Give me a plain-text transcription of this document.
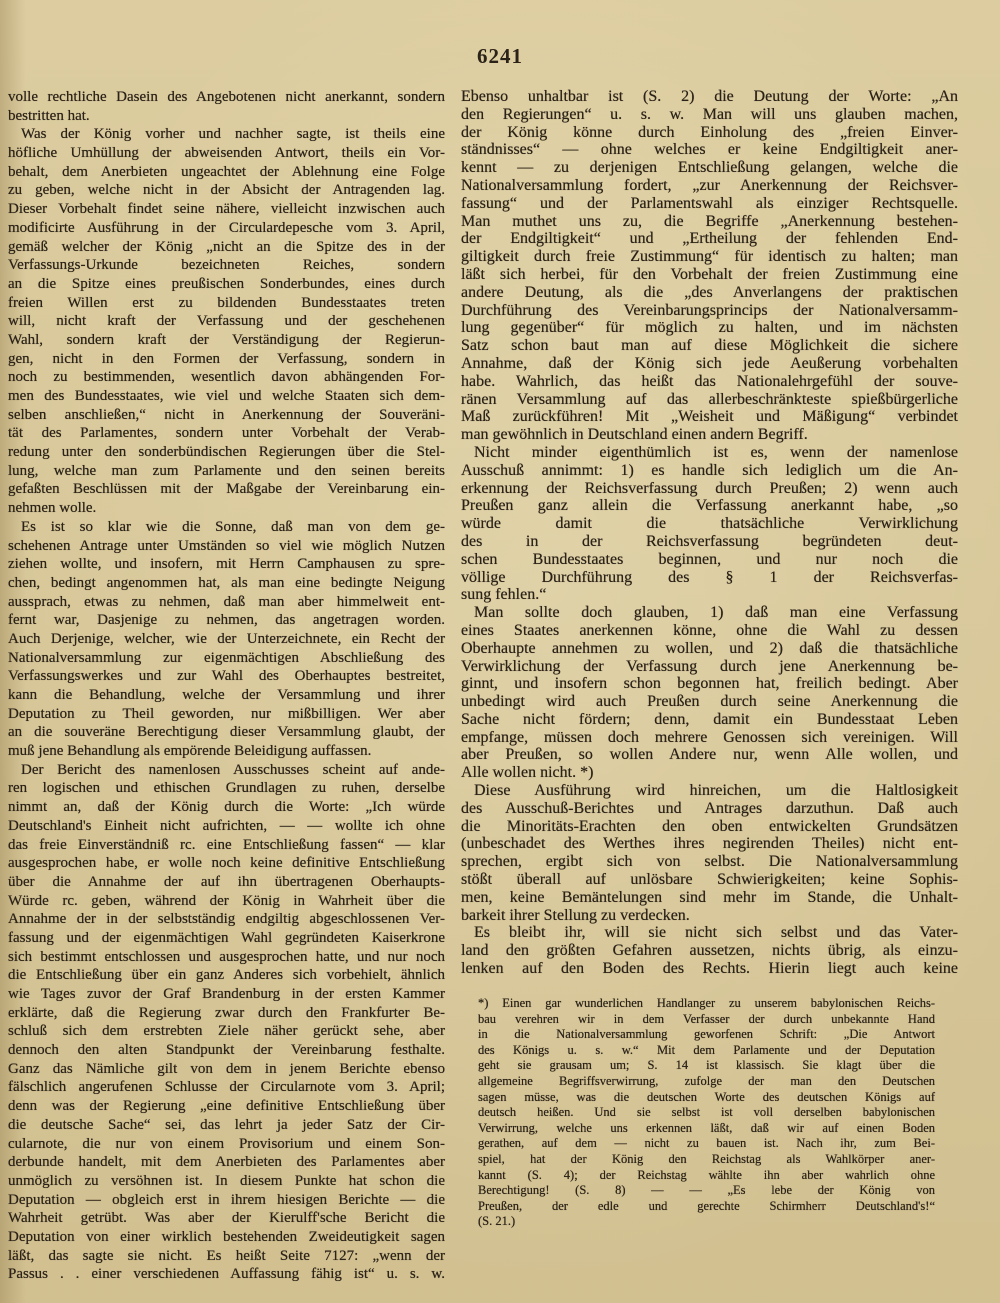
6241
volle rechtliche Dasein des Angebotenen nicht anerkannt, sondern
bestritten hat.
Was der König vorher und nachher sagte, ist theils eine
höfliche Umhüllung der abweisenden Antwort, theils ein Vor-
behalt, dem Anerbieten ungeachtet der Ablehnung eine Folge
zu geben, welche nicht in der Absicht der Antragenden lag.
Dieser Vorbehalt findet seine nähere, vielleicht inzwischen auch
modificirte Ausführung in der Circulardepesche vom 3. April,
gemäß welcher der König „nicht an die Spitze des in der
Verfassungs-Urkunde bezeichneten Reiches, sondern
an die Spitze eines preußischen Sonderbundes, eines durch
freien Willen erst zu bildenden Bundesstaates treten
will, nicht kraft der Verfassung und der geschehenen
Wahl, sondern kraft der Verständigung der Regierun-
gen, nicht in den Formen der Verfassung, sondern in
noch zu bestimmenden, wesentlich davon abhängenden For-
men des Bundesstaates, wie viel und welche Staaten sich dem-
selben anschließen,“ nicht in Anerkennung der Souveräni-
tät des Parlamentes, sondern unter Vorbehalt der Verab-
redung unter den sonderbündischen Regierungen über die Stel-
lung, welche man zum Parlamente und den seinen bereits
gefaßten Beschlüssen mit der Maßgabe der Vereinbarung ein-
nehmen wolle.
Es ist so klar wie die Sonne, daß man von dem ge-
schehenen Antrage unter Umständen so viel wie möglich Nutzen
ziehen wollte, und insofern, mit Herrn Camphausen zu spre-
chen, bedingt angenommen hat, als man eine bedingte Neigung
aussprach, etwas zu nehmen, daß man aber himmelweit ent-
fernt war, Dasjenige zu nehmen, das angetragen worden.
Auch Derjenige, welcher, wie der Unterzeichnete, ein Recht der
Nationalversammlung zur eigenmächtigen Abschließung des
Verfassungswerkes und zur Wahl des Oberhauptes bestreitet,
kann die Behandlung, welche der Versammlung und ihrer
Deputation zu Theil geworden, nur mißbilligen. Wer aber
an die souveräne Berechtigung dieser Versammlung glaubt, der
muß jene Behandlung als empörende Beleidigung auffassen.
Der Bericht des namenlosen Ausschusses scheint auf ande-
ren logischen und ethischen Grundlagen zu ruhen, derselbe
nimmt an, daß der König durch die Worte: „Ich würde
Deutschland's Einheit nicht aufrichten, — — wollte ich ohne
das freie Einverständniß rc. eine Entschließung fassen“ — klar
ausgesprochen habe, er wolle noch keine definitive Entschließung
über die Annahme der auf ihn übertragenen Oberhaupts-
Würde rc. geben, während der König in Wahrheit über die
Annahme der in der selbstständig endgiltig abgeschlossenen Ver-
fassung und der eigenmächtigen Wahl gegründeten Kaiserkrone
sich bestimmt entschlossen und ausgesprochen hatte, und nur noch
die Entschließung über ein ganz Anderes sich vorbehielt, ähnlich
wie Tages zuvor der Graf Brandenburg in der ersten Kammer
erklärte, daß die Regierung zwar durch den Frankfurter Be-
schluß sich dem erstrebten Ziele näher gerückt sehe, aber
dennoch den alten Standpunkt der Vereinbarung festhalte.
Ganz das Nämliche gilt von dem in jenem Berichte ebenso
fälschlich angerufenen Schlusse der Circularnote vom 3. April;
denn was der Regierung „eine definitive Entschließung über
die deutsche Sache“ sei, das lehrt ja jeder Satz der Cir-
cularnote, die nur von einem Provisorium und einem Son-
derbunde handelt, mit dem Anerbieten des Parlamentes aber
unmöglich zu versöhnen ist. In diesem Punkte hat schon die
Deputation — obgleich erst in ihrem hiesigen Berichte — die
Wahrheit getrübt. Was aber der Kierulff'sche Bericht die
Deputation von einer wirklich bestehenden Zweideutigkeit sagen
läßt, das sagte sie nicht. Es heißt Seite 7127: „wenn der
Passus . . einer verschiedenen Auffassung fähig ist“ u. s. w.
Ebenso unhaltbar ist (S. 2) die Deutung der Worte: „An
den Regierungen“ u. s. w. Man will uns glauben machen,
der König könne durch Einholung des „freien Einver-
ständnisses“ — ohne welches er keine Endgiltigkeit aner-
kennt — zu derjenigen Entschließung gelangen, welche die
Nationalversammlung fordert, „zur Anerkennung der Reichsver-
fassung“ und der Parlamentswahl als einziger Rechtsquelle.
Man muthet uns zu, die Begriffe „Anerkennung bestehen-
der Endgiltigkeit“ und „Ertheilung der fehlenden End-
giltigkeit durch freie Zustimmung“ für identisch zu halten; man
läßt sich herbei, für den Vorbehalt der freien Zustimmung eine
andere Deutung, als die „des Anverlangens der praktischen
Durchführung des Vereinbarungsprincips der Nationalversamm-
lung gegenüber“ für möglich zu halten, und im nächsten
Satz schon baut man auf diese Möglichkeit die sichere
Annahme, daß der König sich jede Aeußerung vorbehalten
habe. Wahrlich, das heißt das Nationalehrgefühl der souve-
ränen Versammlung auf das allerbeschränkteste spießbürgerliche
Maß zurückführen! Mit „Weisheit und Mäßigung“ verbindet
man gewöhnlich in Deutschland einen andern Begriff.
Nicht minder eigenthümlich ist es, wenn der namenlose
Ausschuß annimmt: 1) es handle sich lediglich um die An-
erkennung der Reichsverfassung durch Preußen; 2) wenn auch
Preußen ganz allein die Verfassung anerkannt habe, „so
würde damit die thatsächliche Verwirklichung
des in der Reichsverfassung begründeten deut-
schen Bundesstaates beginnen, und nur noch die
völlige Durchführung des § 1 der Reichsverfas-
sung fehlen.“
Man sollte doch glauben, 1) daß man eine Verfassung
eines Staates anerkennen könne, ohne die Wahl zu dessen
Oberhaupte annehmen zu wollen, und 2) daß die thatsächliche
Verwirklichung der Verfassung durch jene Anerkennung be-
ginnt, und insofern schon begonnen hat, freilich bedingt. Aber
unbedingt wird auch Preußen durch seine Anerkennung die
Sache nicht fördern; denn, damit ein Bundesstaat Leben
empfange, müssen doch mehrere Genossen sich vereinigen. Will
aber Preußen, so wollen Andere nur, wenn Alle wollen, und
Alle wollen nicht. *)
Diese Ausführung wird hinreichen, um die Haltlosigkeit
des Ausschuß-Berichtes und Antrages darzuthun. Daß auch
die Minoritäts-Erachten den oben entwickelten Grundsätzen
(unbeschadet des Werthes ihres negirenden Theiles) nicht ent-
sprechen, ergibt sich von selbst. Die Nationalversammlung
stößt überall auf unlösbare Schwierigkeiten; keine Sophis-
men, keine Bemäntelungen sind mehr im Stande, die Unhalt-
barkeit ihrer Stellung zu verdecken.
Es bleibt ihr, will sie nicht sich selbst und das Vater-
land den größten Gefahren aussetzen, nichts übrig, als einzu-
lenken auf den Boden des Rechts. Hierin liegt auch keine
*) Einen gar wunderlichen Handlanger zu unserem babylonischen Reichs-
bau verehren wir in dem Verfasser der durch unbekannte Hand
in die Nationalversammlung geworfenen Schrift: „Die Antwort
des Königs u. s. w.“ Mit dem Parlamente und der Deputation
geht sie grausam um; S. 14 ist klassisch. Sie klagt über die
allgemeine Begriffsverwirrung, zufolge der man den Deutschen
sagen müsse, was die deutschen Worte des deutschen Königs auf
deutsch heißen. Und sie selbst ist voll derselben babylonischen
Verwirrung, welche uns erkennen läßt, daß wir auf einen Boden
gerathen, auf dem — nicht zu bauen ist. Nach ihr, zum Bei-
spiel, hat der König den Reichstag als Wahlkörper aner-
kannt (S. 4); der Reichstag wählte ihn aber wahrlich ohne
Berechtigung! (S. 8) — — „Es lebe der König von
Preußen, der edle und gerechte Schirmherr Deutschland's!“
(S. 21.)
